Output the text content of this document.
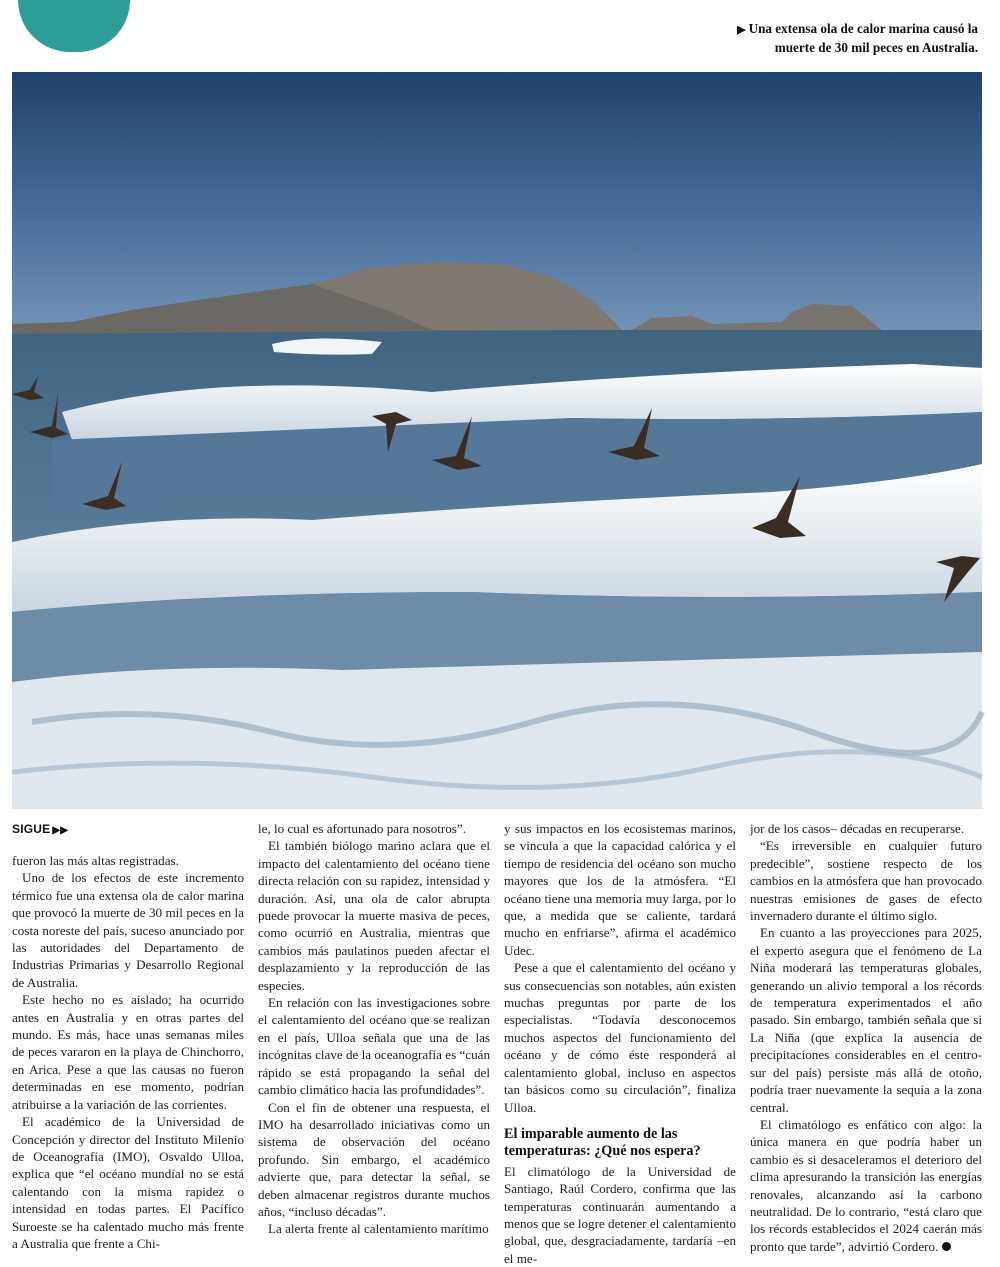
▶ Una extensa ola de calor marina causó la muerte de 30 mil peces en Australia.
SIGUE ▶▶

fueron las más altas registradas.

Uno de los efectos de este incremento térmico fue una extensa ola de calor marina que provocó la muerte de 30 mil peces en la costa noreste del país, suceso anunciado por las autoridades del Departamento de Industrias Primarias y Desarrollo Regional de Australia.

Este hecho no es aislado; ha ocurrido antes en Australia y en otras partes del mundo. Es más, hace unas semanas miles de peces vararon en la playa de Chinchorro, en Arica. Pese a que las causas no fueron determinadas en ese momento, podrían atribuirse a la variación de las corrientes.

El académico de la Universidad de Concepción y director del Instituto Milenio de Oceanografía (IMO), Osvaldo Ulloa, explica que “el océano mundial no se está calentando con la misma rapidez o intensidad en todas partes. El Pacífico Suroeste se ha calentado mucho más frente a Australia que frente a Chi-

le, lo cual es afortunado para nosotros”.

El también biólogo marino aclara que el impacto del calentamiento del océano tiene directa relación con su rapidez, intensidad y duración. Así, una ola de calor abrupta puede provocar la muerte masiva de peces, como ocurrió en Australia, mientras que cambios más paulatinos pueden afectar el desplazamiento y la reproducción de las especies.

En relación con las investigaciones sobre el calentamiento del océano que se realizan en el país, Ulloa señala que una de las incógnitas clave de la oceanografía es “cuán rápido se está propagando la señal del cambio climático hacia las profundidades”.

Con el fin de obtener una respuesta, el IMO ha desarrollado iniciativas como un sistema de observación del océano profundo. Sin embargo, el académico advierte que, para detectar la señal, se deben almacenar registros durante muchos años, “incluso décadas”.

La alerta frente al calentamiento marítimo

y sus impactos en los ecosistemas marinos, se vincula a que la capacidad calórica y el tiempo de residencia del océano son mucho mayores que los de la atmósfera. “El océano tiene una memoria muy larga, por lo que, a medida que se caliente, tardará mucho en enfriarse”, afirma el académico Udec.

Pese a que el calentamiento del océano y sus consecuencias son notables, aún existen muchas preguntas por parte de los especialistas. “Todavía desconocemos muchos aspectos del funcionamiento del océano y de cómo éste responderá al calentamiento global, incluso en aspectos tan básicos como su circulación”, finaliza Ulloa.

El imparable aumento de las temperaturas: ¿Qué nos espera?

El climatólogo de la Universidad de Santiago, Raúl Cordero, confirma que las temperaturas continuarán aumentando a menos que se logre detener el calentamiento global, que, desgraciadamente, tardaría –en el me-

jor de los casos– décadas en recuperarse.

“Es irreversible en cualquier futuro predecible”, sostiene respecto de los cambios en la atmósfera que han provocado nuestras emisiones de gases de efecto invernadero durante el último siglo.

En cuanto a las proyecciones para 2025, el experto asegura que el fenómeno de La Niña moderará las temperaturas globales, generando un alivio temporal a los récords de temperatura experimentados el año pasado. Sin embargo, también señala que si La Niña (que explica la ausencia de precipitaciones considerables en el centro-sur del país) persiste más allá de otoño, podría traer nuevamente la sequía a la zona central.

El climatólogo es enfático con algo: la única manera en que podría haber un cambio es si desaceleramos el deterioro del clima apresurando la transición las energías renovales, alcanzando así la carbono neutralidad. De lo contrario, “está claro que los récords establecidos el 2024 caerán más pronto que tarde”, advirtió Cordero.
